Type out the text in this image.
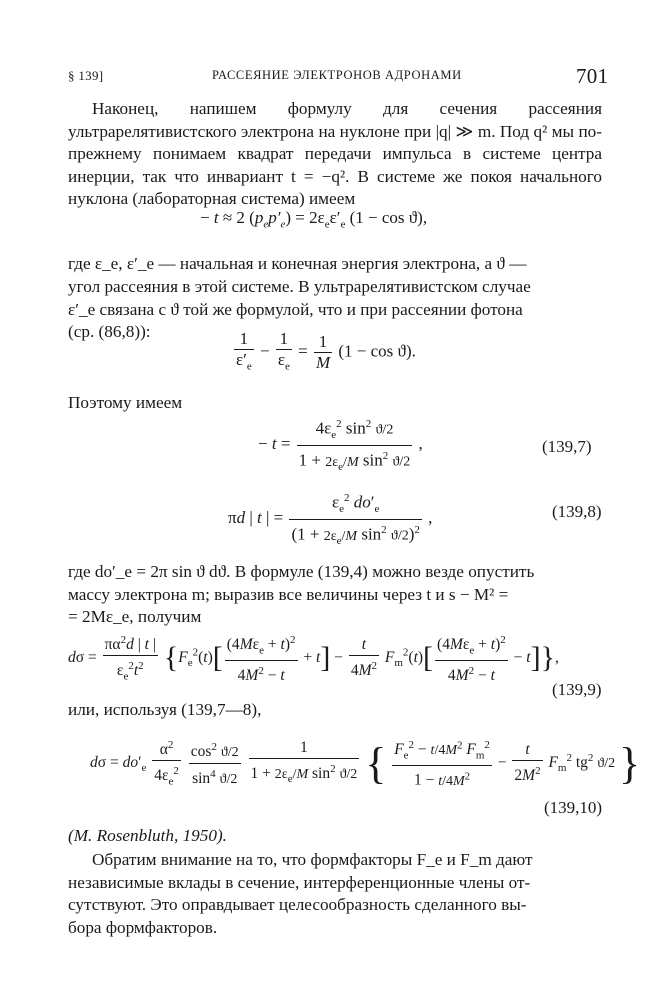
§ 139]	РАССЕЯНИЕ ЭЛЕКТРОНОВ АДРОНАМИ	701
Наконец, напишем формулу для сечения рассеяния ультрарелятивистского электрона на нуклоне при |q| ≫ m. Под q² мы по-прежнему понимаем квадрат передачи импульса в системе центра инерции, так что инвариант t = −q². В системе же покоя начального нуклона (лабораторная система) имеем
− t ≈ 2 $(p_ep'_e) = 2\varepsilon_e\varepsilon'_e$ (1 − cos ϑ),
где ε_e, ε′_e — начальная и конечная энергия электрона, а ϑ —
угол рассеяния в этой системе. В ультрарелятивистском случае
ε′_e связана с ϑ той же формулой, что и при рассеянии фотона
(ср. (86,8)):	$\frac{1}{\varepsilon'_e} - \frac{1}{\varepsilon_e} = \frac{1}{M} (1 - \cos ϑ)$.
Поэтому имеем
− $t = \frac{4\varepsilon_e^2 \sin^2 ϑ/2}{1 + 2\varepsilon_e/M \sin^2 ϑ/2}$ ,	(139,7)
πd | t | = $\frac{\varepsilon_e^2 do'_e}{(1 + 2\varepsilon_e/M \sin^2 ϑ/2)^2}$ ,	(139,8)
где do′_e = 2π sin ϑ dϑ. В формуле (139,4) можно везде опустить
массу электрона m; выразив все величины через t и s − M² =
= 2Mε_e, получим
$d\sigma = \frac{\pi\alpha^2d | t |}{\varepsilon_e^2t^2} \{F_e^2(t)[ \frac{(4M\varepsilon_e + t)^2}{4M^2 - t} + t] - \frac{t}{4M^2} F_m^2(t)[ \frac{(4M\varepsilon_e + t)^2}{4M^2 - t} - t]\}$,
(139,9)
или, используя (139,7—8),
$d\sigma = do'_e \frac{\alpha^2}{4\varepsilon_e^2}$
$\frac{\cos^2 ϑ/2}{\sin^4 ϑ/2}$
$\frac{1}{1 + 2\varepsilon_e/M \sin^2 ϑ/2}$ { $\frac{F_e^2 - t/4M^2 F_m^2}{1 - t/4M^2} - \frac{t}{2M^2} F_m^2$ $tg^2$ ϑ/2 }
(139,10)
(M. Rosenbluth, 1950).
Обратим внимание на то, что формфакторы F_e и F_m дают
независимые вклады в сечение, интерференционные члены от-
сутствуют. Это оправдывает целесообразность сделанного вы-
бора формфакторов.
